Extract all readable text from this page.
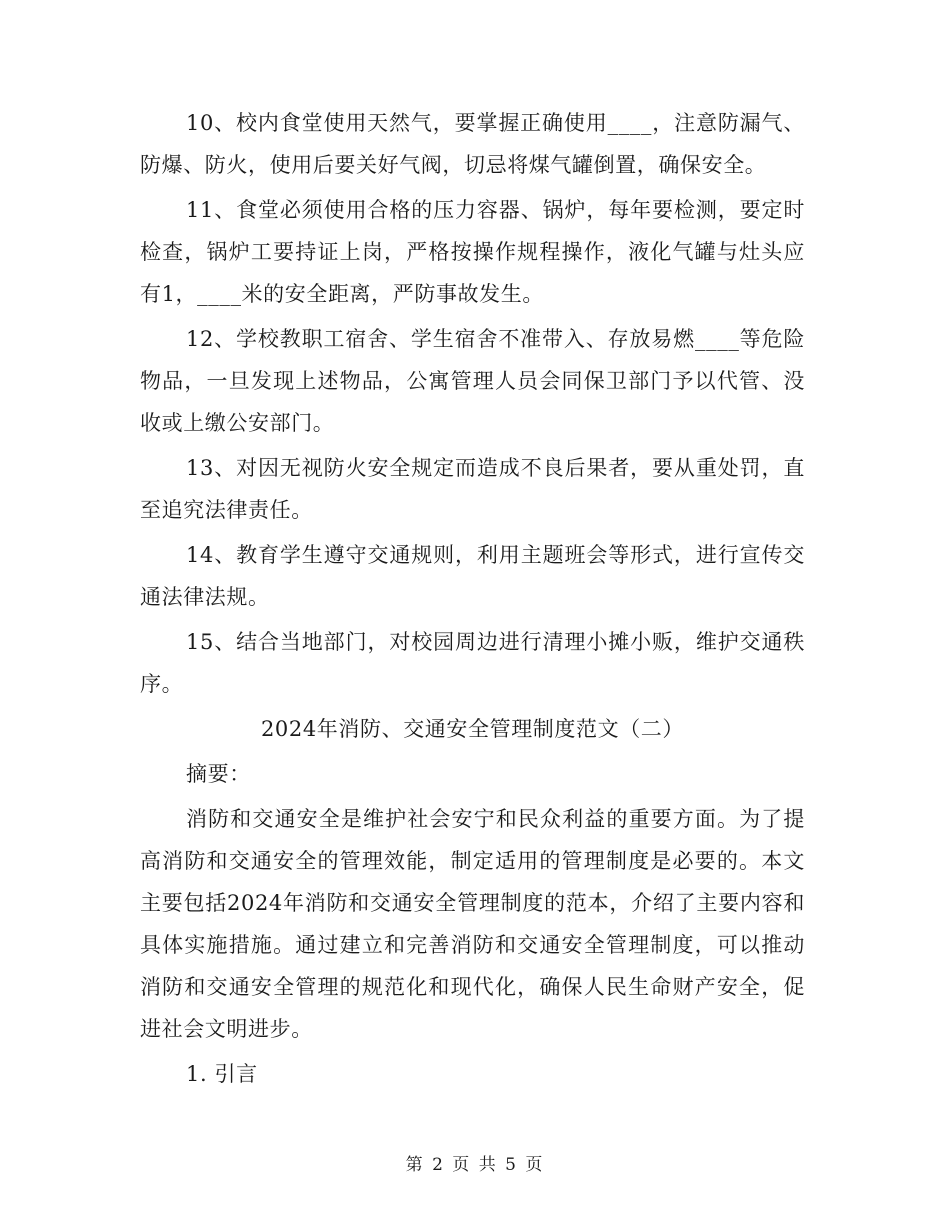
10、校内食堂使用天然气，要掌握正确使用____，注意防漏气、防爆、防火，使用后要关好气阀，切忌将煤气罐倒置，确保安全。

11、食堂必须使用合格的压力容器、锅炉，每年要检测，要定时检查，锅炉工要持证上岗，严格按操作规程操作，液化气罐与灶头应有1，____米的安全距离，严防事故发生。

12、学校教职工宿舍、学生宿舍不准带入、存放易燃____等危险物品，一旦发现上述物品，公寓管理人员会同保卫部门予以代管、没收或上缴公安部门。

13、对因无视防火安全规定而造成不良后果者，要从重处罚，直至追究法律责任。

14、教育学生遵守交通规则，利用主题班会等形式，进行宣传交通法律法规。

15、结合当地部门，对校园周边进行清理小摊小贩，维护交通秩序。

2024年消防、交通安全管理制度范文（二）

摘要：

消防和交通安全是维护社会安宁和民众利益的重要方面。为了提高消防和交通安全的管理效能，制定适用的管理制度是必要的。本文主要包括2024年消防和交通安全管理制度的范本，介绍了主要内容和具体实施措施。通过建立和完善消防和交通安全管理制度，可以推动消防和交通安全管理的规范化和现代化，确保人民生命财产安全，促进社会文明进步。

1. 引言

第 2 页 共 5 页
